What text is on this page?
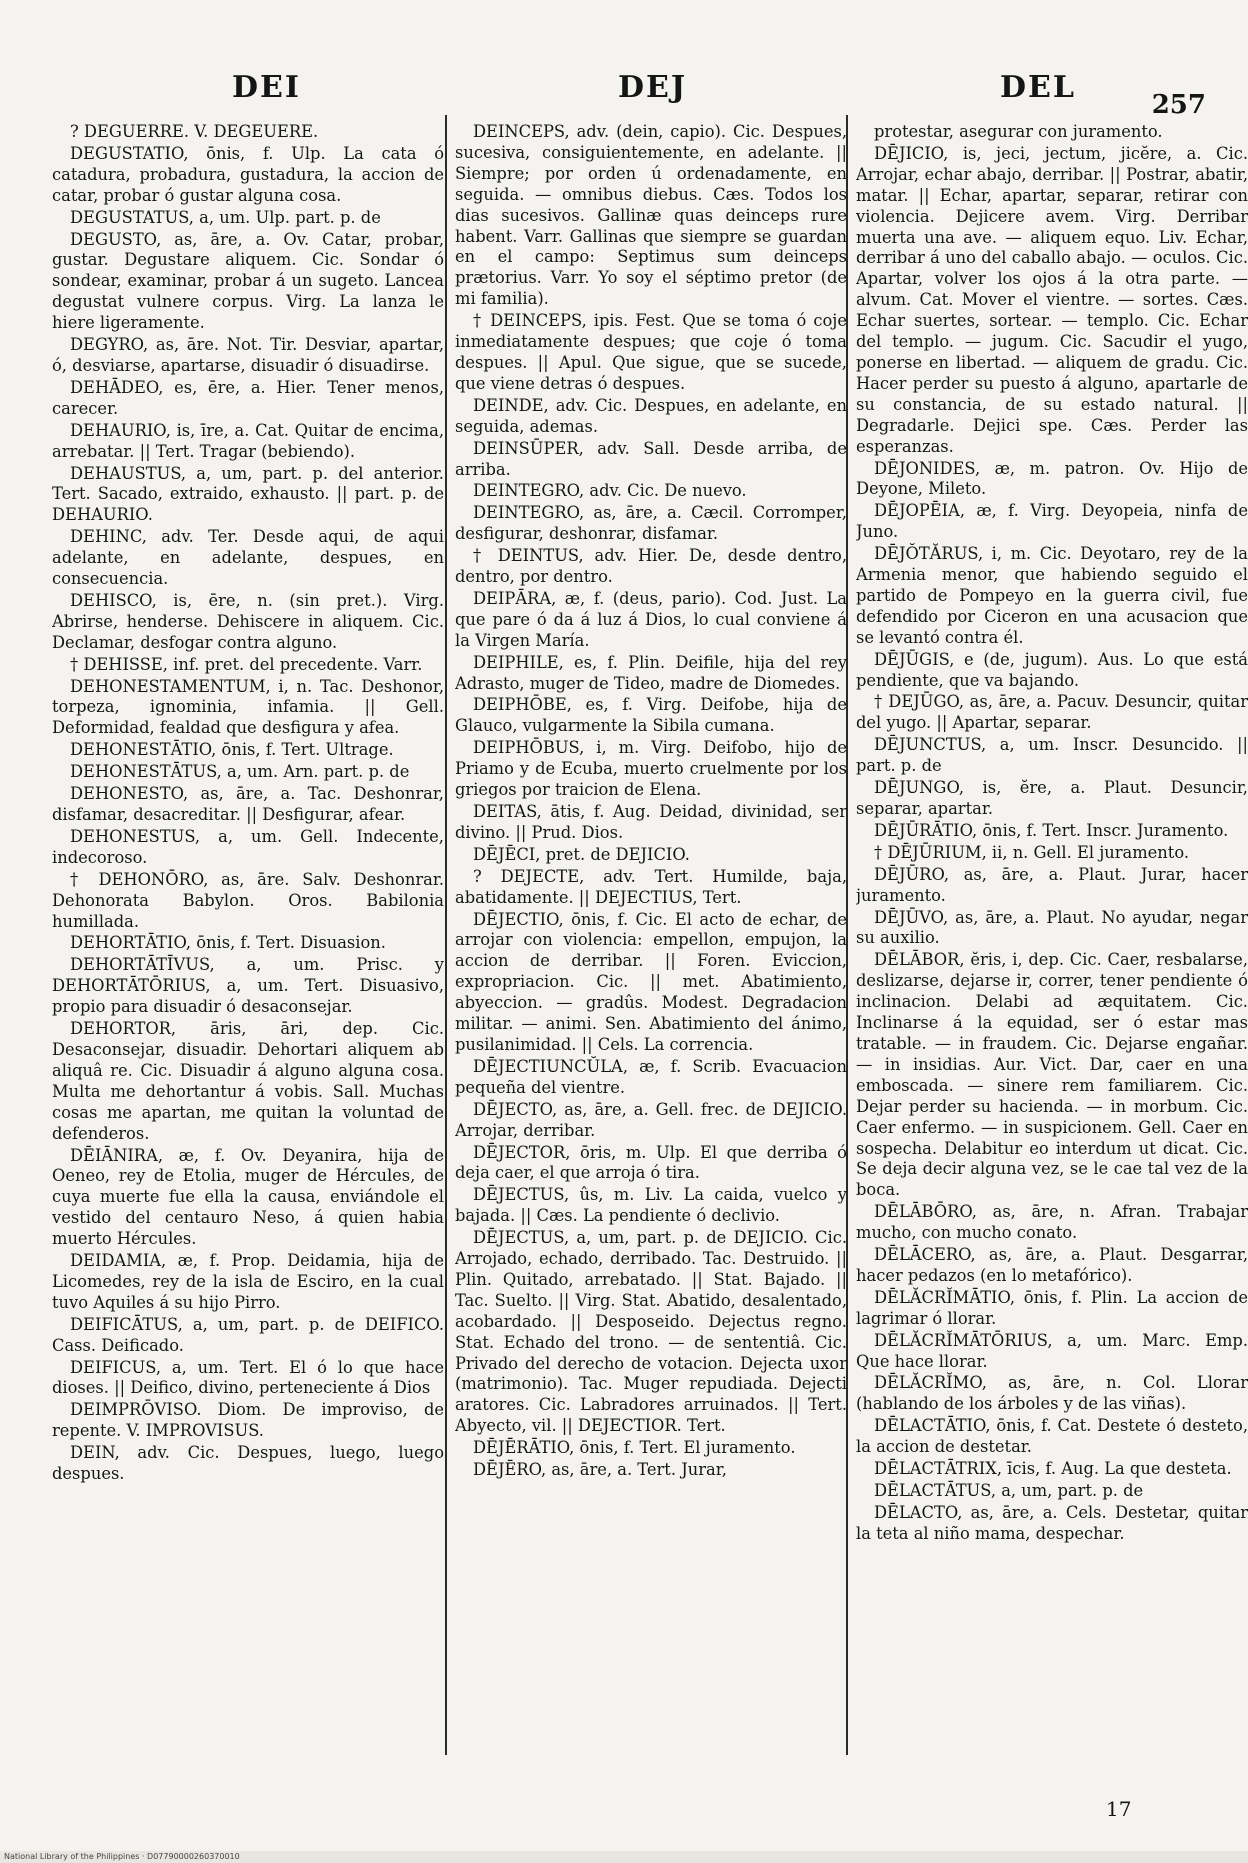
DEI	DEJ	DEL	257

? DEGUERRE. V. DEGEUERE.

DEGUSTATIO, ōnis, f. Ulp. La cata ó catadura, probadura, gustadura, la accion de catar, probar ó gustar alguna cosa.

DEGUSTATUS, a, um. Ulp. part. p. de

DEGUSTO, as, āre, a. Ov. Catar, probar, gustar. Degustare aliquem. Cic. Sondar ó sondear, examinar, probar á un sugeto. Lancea degustat vulnere corpus. Virg. La lanza le hiere ligeramente.

DEGYRO, as, āre. Not. Tir. Desviar, apartar, ó, desviarse, apartarse, disuadir ó disuadirse.

DEHĀDEO, es, ēre, a. Hier. Tener menos, carecer.

DEHAURIO, is, īre, a. Cat. Quitar de encima, arrebatar. || Tert. Tragar (bebiendo).

DEHAUSTUS, a, um, part. p. del anterior. Tert. Sacado, extraido, exhausto. || part. p. de DEHAURIO.

DEHINC, adv. Ter. Desde aqui, de aqui adelante, en adelante, despues, en consecuencia.

DEHISCO, is, ēre, n. (sin pret.). Virg. Abrirse, henderse. Dehiscere in aliquem. Cic. Declamar, desfogar contra alguno.

† DEHISSE, inf. pret. del precedente. Varr.

DEHONESTAMENTUM, i, n. Tac. Deshonor, torpeza, ignominia, infamia. || Gell. Deformidad, fealdad que desfigura y afea.

DEHONESTĀTIO, ōnis, f. Tert. Ultrage.

DEHONESTĀTUS, a, um. Arn. part. p. de

DEHONESTO, as, āre, a. Tac. Deshonrar, disfamar, desacreditar. || Desfigurar, afear.

DEHONESTUS, a, um. Gell. Indecente, indecoroso.

† DEHONŌRO, as, āre. Salv. Deshonrar. Dehonorata Babylon. Oros. Babilonia humillada.

DEHORTĀTIO, ōnis, f. Tert. Disuasion.

DEHORTĀTĪVUS, a, um. Prisc. y DEHORTĀTŌRIUS, a, um. Tert. Disuasivo, propio para disuadir ó desaconsejar.

DEHORTOR, āris, āri, dep. Cic. Desaconsejar, disuadir. Dehortari aliquem ab aliquâ re. Cic. Disuadir á alguno alguna cosa. Multa me dehortantur á vobis. Sall. Muchas cosas me apartan, me quitan la voluntad de defenderos.

DĒIĀNIRA, æ, f. Ov. Deyanira, hija de Oeneo, rey de Etolia, muger de Hércules, de cuya muerte fue ella la causa, enviándole el vestido del centauro Neso, á quien habia muerto Hércules.

DEIDAMIA, æ, f. Prop. Deidamia, hija de Licomedes, rey de la isla de Esciro, en la cual tuvo Aquiles á su hijo Pirro.

DEIFICĀTUS, a, um, part. p. de DEIFICO. Cass. Deificado.

DEIFICUS, a, um. Tert. El ó lo que hace dioses. || Deifico, divino, perteneciente á Dios

DEIMPRŌVISO. Diom. De improviso, de repente. V. IMPROVISUS.

DEIN, adv. Cic. Despues, luego, luego despues.

DEINCEPS, adv. (dein, capio). Cic. Despues, sucesiva, consiguientemente, en adelante. || Siempre; por orden ú ordenadamente, en seguida. — omnibus diebus. Cæs. Todos los dias sucesivos. Gallinæ quas deinceps rure habent. Varr. Gallinas que siempre se guardan en el campo: Septimus sum deinceps prætorius. Varr. Yo soy el séptimo pretor (de mi familia).

† DEINCEPS, ipis. Fest. Que se toma ó coje inmediatamente despues; que coje ó toma despues. || Apul. Que sigue, que se sucede, que viene detras ó despues.

DEINDE, adv. Cic. Despues, en adelante, en seguida, ademas.

DEINSŪPER, adv. Sall. Desde arriba, de arriba.

DEINTEGRO, adv. Cic. De nuevo.

DEINTEGRO, as, āre, a. Cæcil. Corromper, desfigurar, deshonrar, disfamar.

† DEINTUS, adv. Hier. De, desde dentro, dentro, por dentro.

DEIPĀRA, æ, f. (deus, pario). Cod. Just. La que pare ó da á luz á Dios, lo cual conviene á la Virgen María.

DEIPHILE, es, f. Plin. Deifile, hija del rey Adrasto, muger de Tideo, madre de Diomedes.

DEIPHŌBE, es, f. Virg. Deifobe, hija de Glauco, vulgarmente la Sibila cumana.

DEIPHŌBUS, i, m. Virg. Deifobo, hijo de Priamo y de Ecuba, muerto cruelmente por los griegos por traicion de Elena.

DEITAS, ātis, f. Aug. Deidad, divinidad, ser divino. || Prud. Dios.

DĒJĒCI, pret. de DEJICIO.

? DEJECTE, adv. Tert. Humilde, baja, abatidamente. || DEJECTIUS, Tert.

DĒJECTIO, ōnis, f. Cic. El acto de echar, de arrojar con violencia: empellon, empujon, la accion de derribar. || Foren. Eviccion, expropriacion. Cic. || met. Abatimiento, abyeccion. — gradûs. Modest. Degradacion militar. — animi. Sen. Abatimiento del ánimo, pusilanimidad. || Cels. La correncia.

DĒJECTIUNCŬLA, æ, f. Scrib. Evacuacion pequeña del vientre.

DĒJECTO, as, āre, a. Gell. frec. de DEJICIO. Arrojar, derribar.

DĒJECTOR, ōris, m. Ulp. El que derriba ó deja caer, el que arroja ó tira.

DĒJECTUS, ûs, m. Liv. La caida, vuelco y bajada. || Cæs. La pendiente ó declivio.

DĒJECTUS, a, um, part. p. de DEJICIO. Cic. Arrojado, echado, derribado. Tac. Destruido. || Plin. Quitado, arrebatado. || Stat. Bajado. || Tac. Suelto. || Virg. Stat. Abatido, desalentado, acobardado. || Desposeido. Dejectus regno. Stat. Echado del trono. — de sententiâ. Cic. Privado del derecho de votacion. Dejecta uxor (matrimonio). Tac. Muger repudiada. Dejecti aratores. Cic. Labradores arruinados. || Tert. Abyecto, vil. || DEJECTIOR. Tert.

DĒJĒRĀTIO, ōnis, f. Tert. El juramento.

DĒJĒRO, as, āre, a. Tert. Jurar,

protestar, asegurar con juramento.

DĒJICIO, is, jeci, jectum, jicĕre, a. Cic. Arrojar, echar abajo, derribar. || Postrar, abatir, matar. || Echar, apartar, separar, retirar con violencia. Dejicere avem. Virg. Derribar muerta una ave. — aliquem equo. Liv. Echar, derribar á uno del caballo abajo. — oculos. Cic. Apartar, volver los ojos á la otra parte. — alvum. Cat. Mover el vientre. — sortes. Cæs. Echar suertes, sortear. — templo. Cic. Echar del templo. — jugum. Cic. Sacudir el yugo, ponerse en libertad. — aliquem de gradu. Cic. Hacer perder su puesto á alguno, apartarle de su constancia, de su estado natural. || Degradarle. Dejici spe. Cæs. Perder las esperanzas.

DĒJONIDES, æ, m. patron. Ov. Hijo de Deyone, Mileto.

DĒJOPĒIA, æ, f. Virg. Deyopeia, ninfa de Juno.

DĒJŎTĂRUS, i, m. Cic. Deyotaro, rey de la Armenia menor, que habiendo seguido el partido de Pompeyo en la guerra civil, fue defendido por Ciceron en una acusacion que se levantó contra él.

DĒJŪGIS, e (de, jugum). Aus. Lo que está pendiente, que va bajando.

† DEJŪGO, as, āre, a. Pacuv. Desuncir, quitar del yugo. || Apartar, separar.

DĒJUNCTUS, a, um. Inscr. Desuncido. || part. p. de

DĒJUNGO, is, ĕre, a. Plaut. Desuncir, separar, apartar.

DĒJŪRĀTIO, ōnis, f. Tert. Inscr. Juramento.

† DĒJŪRIUM, ii, n. Gell. El juramento.

DĒJŪRO, as, āre, a. Plaut. Jurar, hacer juramento.

DĒJŪVO, as, āre, a. Plaut. No ayudar, negar su auxilio.

DĒLĀBOR, ĕris, i, dep. Cic. Caer, resbalarse, deslizarse, dejarse ir, correr, tener pendiente ó inclinacion. Delabi ad æquitatem. Cic. Inclinarse á la equidad, ser ó estar mas tratable. — in fraudem. Cic. Dejarse engañar. — in insidias. Aur. Vict. Dar, caer en una emboscada. — sinere rem familiarem. Cic. Dejar perder su hacienda. — in morbum. Cic. Caer enfermo. — in suspicionem. Gell. Caer en sospecha. Delabitur eo interdum ut dicat. Cic. Se deja decir alguna vez, se le cae tal vez de la boca.

DĒLĀBŌRO, as, āre, n. Afran. Trabajar mucho, con mucho conato.

DĒLĀCERO, as, āre, a. Plaut. Desgarrar, hacer pedazos (en lo metafórico).

DĒLĂCRĬMĀTIO, ōnis, f. Plin. La accion de lagrimar ó llorar.

DĒLĂCRĬMĀTŌRIUS, a, um. Marc. Emp. Que hace llorar.

DĒLĂCRĬMO, as, āre, n. Col. Llorar (hablando de los árboles y de las viñas).

DĒLACTĀTIO, ōnis, f. Cat. Destete ó desteto, la accion de destetar.

DĒLACTĀTRIX, īcis, f. Aug. La que desteta.

DĒLACTĀTUS, a, um, part. p. de

DĒLACTO, as, āre, a. Cels. Destetar, quitar la teta al niño mama, despechar.

17
National Library of the Philippines · D07790000260370010
